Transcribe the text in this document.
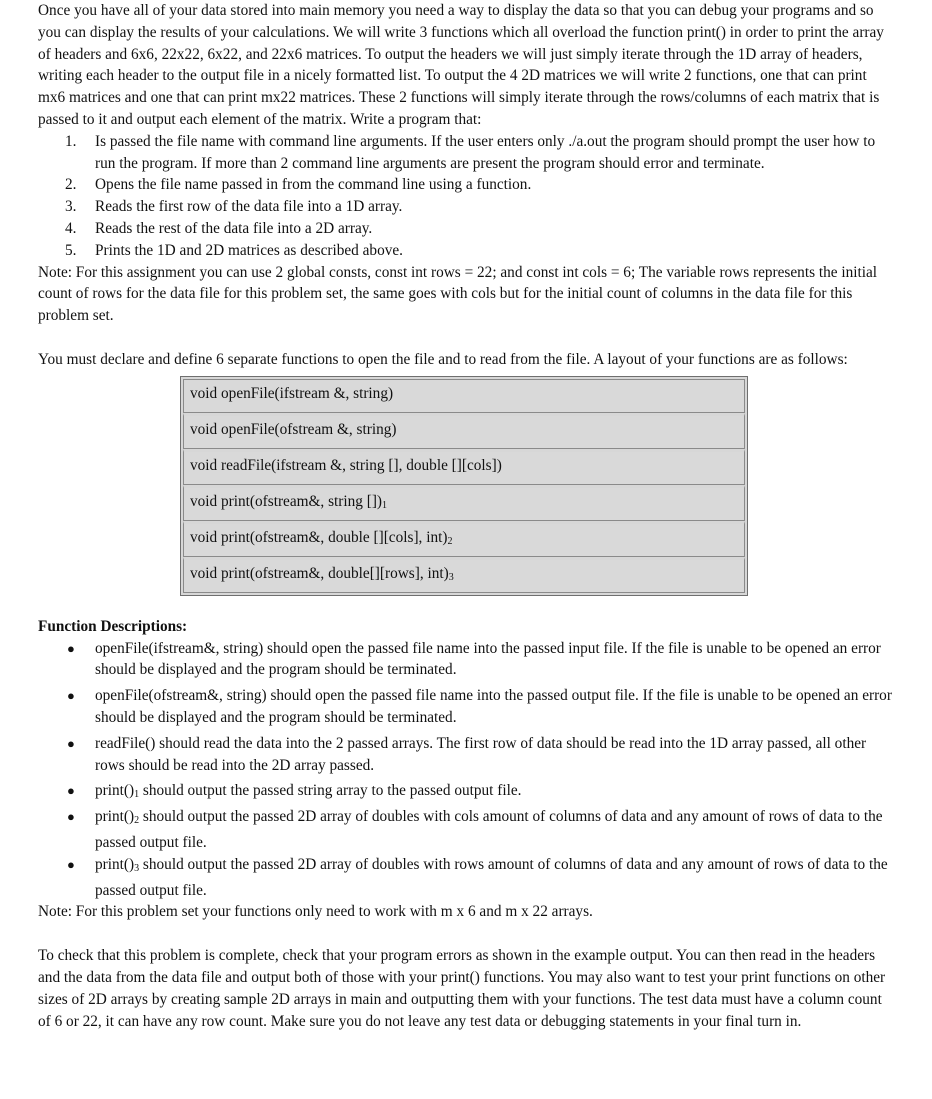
Once you have all of your data stored into main memory you need a way to display the data so that you can debug your programs and so you can display the results of your calculations. We will write 3 functions which all overload the function print() in order to print the array of headers and 6x6, 22x22, 6x22, and 22x6 matrices. To output the headers we will just simply iterate through the 1D array of headers, writing each header to the output file in a nicely formatted list. To output the 4 2D matrices we will write 2 functions, one that can print mx6 matrices and one that can print mx22 matrices. These 2 functions will simply iterate through the rows/columns of each matrix that is passed to it and output each element of the matrix. Write a program that:

1. Is passed the file name with command line arguments. If the user enters only ./a.out the program should prompt the user how to run the program. If more than 2 command line arguments are present the program should error and terminate.
2. Opens the file name passed in from the command line using a function.
3. Reads the first row of the data file into a 1D array.
4. Reads the rest of the data file into a 2D array.
5. Prints the 1D and 2D matrices as described above.

Note: For this assignment you can use 2 global consts, const int rows = 22; and const int cols = 6; The variable rows represents the initial count of rows for the data file for this problem set, the same goes with cols but for the initial count of columns in the data file for this problem set.

You must declare and define 6 separate functions to open the file and to read from the file. A layout of your functions are as follows:

void openFile(ifstream &, string)
void openFile(ofstream &, string)
void readFile(ifstream &, string [], double [][cols])
void print(ofstream&, string $[])_1$
void print(ofstream&, double [][cols], $int)_2$
void print(ofstream&, double[][rows], $int)_3$

Function Descriptions:

● openFile(ifstream&, string) should open the passed file name into the passed input file. If the file is unable to be opened an error should be displayed and the program should be terminated.
● openFile(ofstream&, string) should open the passed file name into the passed output file. If the file is unable to be opened an error should be displayed and the program should be terminated.
● readFile() should read the data into the 2 passed arrays. The first row of data should be read into the 1D array passed, all other rows should be read into the 2D array passed.
● $print()_1$ should output the passed string array to the passed output file.
● $print()_2$ should output the passed 2D array of doubles with cols amount of columns of data and any amount of rows of data to the passed output file.
● $print()_3$ should output the passed 2D array of doubles with rows amount of columns of data and any amount of rows of data to the passed output file.

Note: For this problem set your functions only need to work with m x 6 and m x 22 arrays.

To check that this problem is complete, check that your program errors as shown in the example output. You can then read in the headers and the data from the data file and output both of those with your print() functions. You may also want to test your print functions on other sizes of 2D arrays by creating sample 2D arrays in main and outputting them with your functions. The test data must have a column count of 6 or 22, it can have any row count. Make sure you do not leave any test data or debugging statements in your final turn in.
